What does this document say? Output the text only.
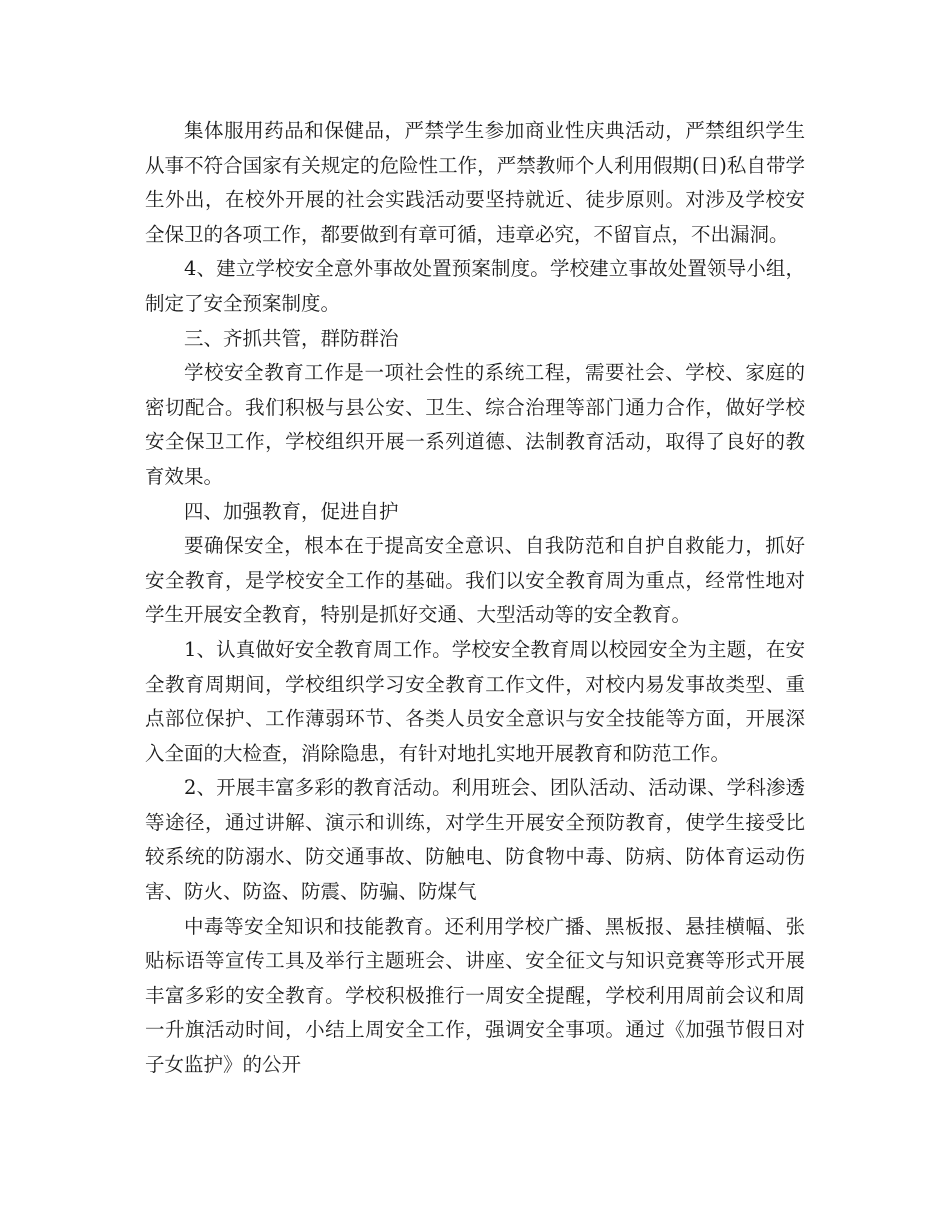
集体服用药品和保健品，严禁学生参加商业性庆典活动，严禁组织学生从事不符合国家有关规定的危险性工作，严禁教师个人利用假期(日)私自带学生外出，在校外开展的社会实践活动要坚持就近、徒步原则。对涉及学校安全保卫的各项工作，都要做到有章可循，违章必究，不留盲点，不出漏洞。

4、建立学校安全意外事故处置预案制度。学校建立事故处置领导小组，制定了安全预案制度。

三、齐抓共管，群防群治

学校安全教育工作是一项社会性的系统工程，需要社会、学校、家庭的密切配合。我们积极与县公安、卫生、综合治理等部门通力合作，做好学校安全保卫工作，学校组织开展一系列道德、法制教育活动，取得了良好的教育效果。

四、加强教育，促进自护

要确保安全，根本在于提高安全意识、自我防范和自护自救能力，抓好安全教育，是学校安全工作的基础。我们以安全教育周为重点，经常性地对学生开展安全教育，特别是抓好交通、大型活动等的安全教育。

1、认真做好安全教育周工作。学校安全教育周以校园安全为主题，在安全教育周期间，学校组织学习安全教育工作文件，对校内易发事故类型、重点部位保护、工作薄弱环节、各类人员安全意识与安全技能等方面，开展深入全面的大检查，消除隐患，有针对地扎实地开展教育和防范工作。

2、开展丰富多彩的教育活动。利用班会、团队活动、活动课、学科渗透等途径，通过讲解、演示和训练，对学生开展安全预防教育，使学生接受比较系统的防溺水、防交通事故、防触电、防食物中毒、防病、防体育运动伤害、防火、防盗、防震、防骗、防煤气

中毒等安全知识和技能教育。还利用学校广播、黑板报、悬挂横幅、张贴标语等宣传工具及举行主题班会、讲座、安全征文与知识竞赛等形式开展丰富多彩的安全教育。学校积极推行一周安全提醒，学校利用周前会议和周一升旗活动时间，小结上周安全工作，强调安全事项。通过《加强节假日对子女监护》的公开
